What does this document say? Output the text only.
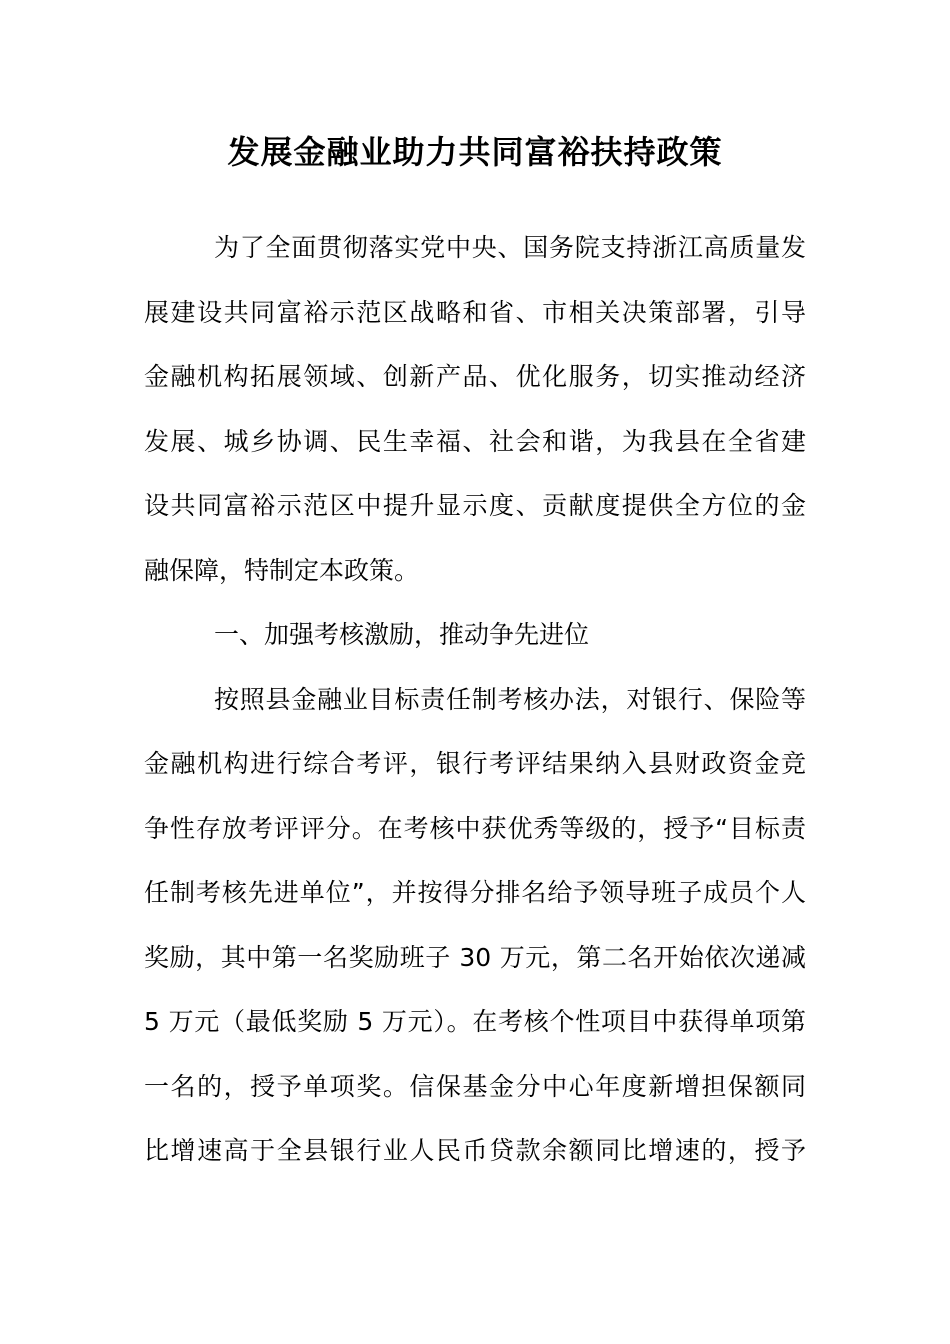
发展金融业助力共同富裕扶持政策
为了全面贯彻落实党中央、国务院支持浙江高质量发
展建设共同富裕示范区战略和省、市相关决策部署，引导
金融机构拓展领域、创新产品、优化服务，切实推动经济
发展、城乡协调、民生幸福、社会和谐，为我县在全省建
设共同富裕示范区中提升显示度、贡献度提供全方位的金
融保障，特制定本政策。
一、加强考核激励，推动争先进位
按照县金融业目标责任制考核办法，对银行、保险等
金融机构进行综合考评，银行考评结果纳入县财政资金竞
争性存放考评评分。在考核中获优秀等级的，授予“目标责
任制考核先进单位”，并按得分排名给予领导班子成员个人
奖励，其中第一名奖励班子 30 万元，第二名开始依次递减
5 万元（最低奖励 5 万元）。在考核个性项目中获得单项第
一名的，授予单项奖。信保基金分中心年度新增担保额同
比增速高于全县银行业人民币贷款余额同比增速的，授予
